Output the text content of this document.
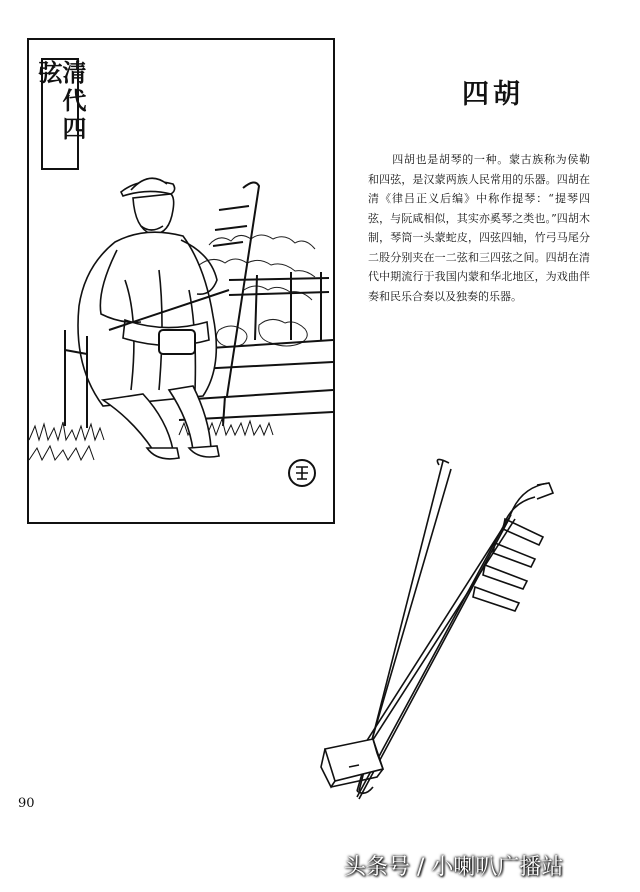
清代四弦
四胡
四胡也是胡琴的一种。蒙古族称为侯勒和四弦，是汉蒙两族人民常用的乐器。四胡在清《律吕正义后编》中称作提琴：“提琴四弦，与阮咸相似，其实亦奚琴之类也。”四胡木制，琴筒一头蒙蛇皮，四弦四轴，竹弓马尾分二股分别夹在一二弦和三四弦之间。四胡在清代中期流行于我国内蒙和华北地区，为戏曲伴奏和民乐合奏以及独奏的乐器。
90
头条号 / 小喇叭广播站
